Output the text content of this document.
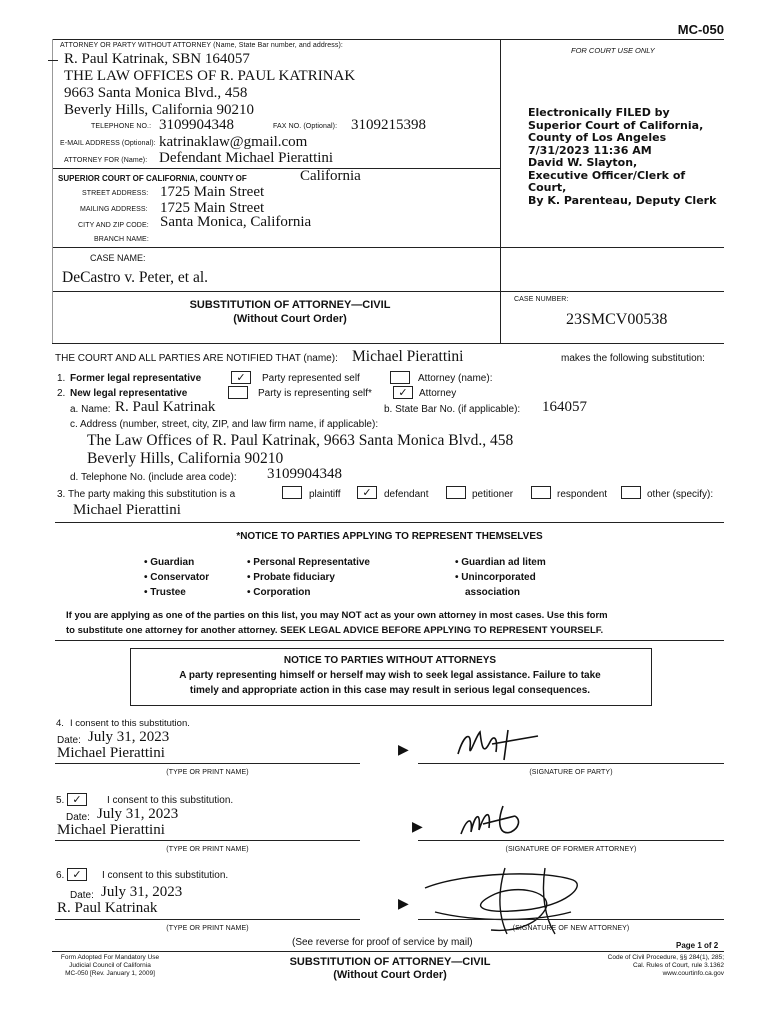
MC-050
ATTORNEY OR PARTY WITHOUT ATTORNEY (Name, State Bar number, and address):
R. Paul Katrinak, SBN 164057
THE LAW OFFICES OF R. PAUL KATRINAK
9663 Santa Monica Blvd., 458
Beverly Hills, California 90210
TELEPHONE NO.: 3109904348	FAX NO. (Optional): 3109215398
E-MAIL ADDRESS (Optional): katrinaklaw@gmail.com
ATTORNEY FOR (Name): Defendant Michael Pierattini
FOR COURT USE ONLY
Electronically FILED by
Superior Court of California,
County of Los Angeles
7/31/2023 11:36 AM
David W. Slayton,
Executive Officer/Clerk of Court,
By K. Parenteau, Deputy Clerk
SUPERIOR COURT OF CALIFORNIA, COUNTY OF	California
STREET ADDRESS: 1725 Main Street
MAILING ADDRESS: 1725 Main Street
CITY AND ZIP CODE: Santa Monica, California
BRANCH NAME:
CASE NAME:
DeCastro v. Peter, et al.
SUBSTITUTION OF ATTORNEY—CIVIL
(Without Court Order)
CASE NUMBER:
23SMCV00538
THE COURT AND ALL PARTIES ARE NOTIFIED THAT (name): Michael Pierattini	makes the following substitution:
1. Former legal representative	✓	Party represented self	Attorney (name):
2. New legal representative	Party is representing self*	✓	Attorney
a. Name: R. Paul Katrinak	b. State Bar No. (if applicable): 164057
c. Address (number, street, city, ZIP, and law firm name, if applicable):
The Law Offices of R. Paul Katrinak, 9663 Santa Monica Blvd., 458
Beverly Hills, California 90210
d. Telephone No. (include area code): 3109904348
3. The party making this substitution is a	plaintiff	✓	defendant	petitioner	respondent	other (specify):
Michael Pierattini
*NOTICE TO PARTIES APPLYING TO REPRESENT THEMSELVES
• Guardian
• Conservator
• Trustee
• Personal Representative
• Probate fiduciary
• Corporation
• Guardian ad litem
• Unincorporated
association
If you are applying as one of the parties on this list, you may NOT act as your own attorney in most cases. Use this form
to substitute one attorney for another attorney. SEEK LEGAL ADVICE BEFORE APPLYING TO REPRESENT YOURSELF.
NOTICE TO PARTIES WITHOUT ATTORNEYS
A party representing himself or herself may wish to seek legal assistance. Failure to take
timely and appropriate action in this case may result in serious legal consequences.
4. I consent to this substitution.
Date: July 31, 2023
Michael Pierattini
(TYPE OR PRINT NAME)
▶
(SIGNATURE OF PARTY)
5. ✓	I consent to this substitution.
Date: July 31, 2023
Michael Pierattini
(TYPE OR PRINT NAME)
▶
(SIGNATURE OF FORMER ATTORNEY)
6. ✓	I consent to this substitution.
Date: July 31, 2023
R. Paul Katrinak
(TYPE OR PRINT NAME)
▶
(SIGNATURE OF NEW ATTORNEY)
(See reverse for proof of service by mail)	Page 1 of 2
Form Adopted For Mandatory Use
Judicial Council of California
MC-050 [Rev. January 1, 2009]
SUBSTITUTION OF ATTORNEY—CIVIL
(Without Court Order)
Code of Civil Procedure, §§ 284(1), 285;
Cal. Rules of Court, rule 3.1362
www.courtinfo.ca.gov
